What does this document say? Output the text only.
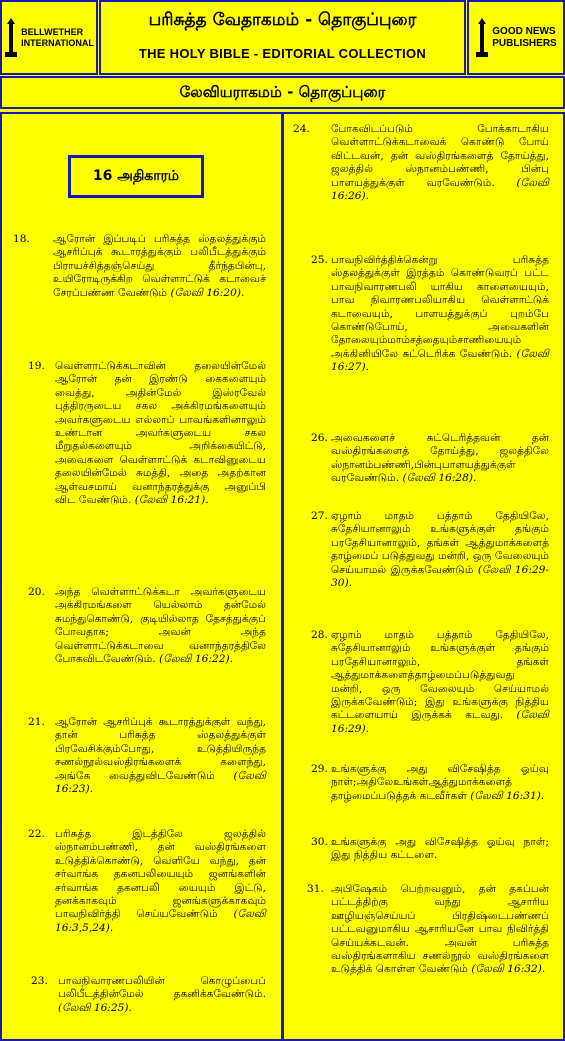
BELLWETHER
INTERNATIONAL
பரிசுத்த வேதாகமம் - தொகுப்புரை
THE HOLY BIBLE - EDITORIAL COLLECTION
GOOD NEWS
PUBLISHERS
லேவியராகமம் - தொகுப்புரை
16 அதிகாரம்
18. ஆரோன் இப்படிப் பரிசுத்த ஸ்தலத்துக்கும் ஆசரிப்புக் கூடாரத்துக்கும் பலிபீடத்துக்கும் பிராயச்சித்தஞ்செய்து தீர்ந்தபின்பு, உயிரோடிருக்கிற வெள்ளாட்டுக் கடாவைச் சேரப்பண்ண வேண்டும் (லேவி 16:20).
19. வெள்ளாட்டுக்கடாவின் தலையின்மேல் ஆரோன் தன் இரண்டு கைகளையும் வைத்து, அதின்மேல் இஸ்ரவேல் புத்திரருடைய சகல அக்கிரமங்களையும் அவர்களுடைய எல்லாப் பாவங்களினாலும் உண்டான அவர்களுடைய சகல மீறுதல்களையும் அறிக்கையிட்டு, அவைகளை வெள்ளாட்டுக் கடாவினுடைய தலையின்மேல் சுமத்தி, அதை அதற்கான ஆள்வசமாய் வனாந்தரத்துக்கு அனுப்பி விட வேண்டும். (லேவி 16:21).
20. அந்த வெள்ளாட்டுக்கடா அவர்களுடைய அக்கிரமங்களை யெல்லாம் தன்மேல் சுமந்துகொண்டு, குடியில்லாத தேசத்துக்குப் போவதாக; அவன் அந்த வெள்ளாட்டுக்கடாவை வனாந்தரத்திலே போகவிடவேண்டும். (லேவி 16:22).
21. ஆரோன் ஆசரிப்புக் கூடாரத்துக்குள் வந்து, தான் பரிசுத்த ஸ்தலத்துக்குள் பிரவேசிக்கும்போது, உடுத்தியிருந்த சணல்நூல்வஸ்திரங்களைக் களைந்து, அங்கே வைத்துவிடவேண்டும் (லேவி 16:23).
22. பரிசுத்த இடத்திலே ஜலத்தில் ஸ்நானம்பண்ணி, தன் வஸ்திரங்களை உடுத்திக்கொண்டு, வெளியே வந்து, தன் சர்வாங்க தகனபலியையும் ஜனங்களின் சர்வாங்க தகனபலி யையும் இட்டு, தனக்காகவும் ஜனங்களுக்காகவும் பாவநிவிர்த்தி செய்யவேண்டும் (லேவி 16:3,5,24).
23. பாவநிவாரணபலியின் கொழுப்பைப் பலிபீடத்தின்மேல் தகனிக்கவேண்டும். (லேவி 16:25).
24. போகவிடப்படும் போக்காடாகிய வெள்ளாட்டுக்கடாவைக் கொண்டு போய் விட்டவன், தன் வஸ்திரங்களைத் தோய்த்து, ஜலத்தில் ஸ்நானம்பண்ணி, பின்பு பாளயத்துக்குள் வரவேண்டும். (லேவி 16:26).
25. பாவநிவிர்த்திக்கென்று பரிசுத்த ஸ்தலத்துக்குள் இரத்தம் கொண்டுவரப் பட்ட பாவநிவாரணபலி யாகிய காளையையும், பாவ நிவாரணபலியாகிய வெள்ளாட்டுக் கடாவையும், பாளயத்துக்குப் புறம்பே கொண்டுபோய், அவைகளின் தோலையும்மாம்சத்தையும்சாணியையும் அக்கினியிலே சுட்டெரிக்க வேண்டும். (லேவி 16:27).
26. அவைகளைச் சுட்டெரித்தவன் தன் வஸ்திரங்களைத் தோய்த்து, ஜலத்திலே ஸ்நானம்பண்ணி,பின்புபாளயத்துக்குள் வரவேண்டும். (லேவி 16:28).
27. ஏழாம் மாதம் பத்தாம் தேதியிலே, சுதேசியானாலும் உங்களுக்குள் தங்கும் பரதேசியானாலும், தங்கள் ஆத்துமாக்களைத் தாழ்மைப் படுத்துவது மன்றி, ஒரு வேலையும் செய்யாமல் இருக்கவேண்டும் (லேவி 16:29-30).
28. ஏழாம் மாதம் பத்தாம் தேதியிலே, சுதேசியானாலும் உங்களுக்குள் தங்கும் பரதேசியானாலும், தங்கள் ஆத்துமாக்களைத்தாழ்மைப்படுத்துவது மன்றி, ஒரு வேலையும் செய்யாமல் இருக்கவேண்டும்; இது உங்களுக்கு நித்திய கட்டளையாய் இருக்கக் கடவது. (லேவி 16:29).
29. உங்களுக்கு அது விசேஷித்த ஓய்வு நாள்;அதிலேஉங்கள்ஆத்துமாக்களைத் தாழ்மைப்படுத்தக் கடவீர்கள் (லேவி 16:31).
30. உங்களுக்கு அது விசேஷித்த ஓய்வு நாள்; இது நித்திய கட்டளை.
31. அபிஷேகம் பெற்றவனும், தன் தகப்பன் பட்டத்திற்கு வந்து ஆசாரிய ஊழியஞ்செய்யப் பிரதிஷ்டைபண்ணப் பட்டவனுமாகிய ஆசாரியனே பாவ நிவிர்த்தி செய்யக்கடவன். அவன் பரிசுத்த வஸ்திரங்களாகிய சணல்நூல் வஸ்திரங்களை உடுத்திக் கொள்ள வேண்டும் (லேவி 16:32).
